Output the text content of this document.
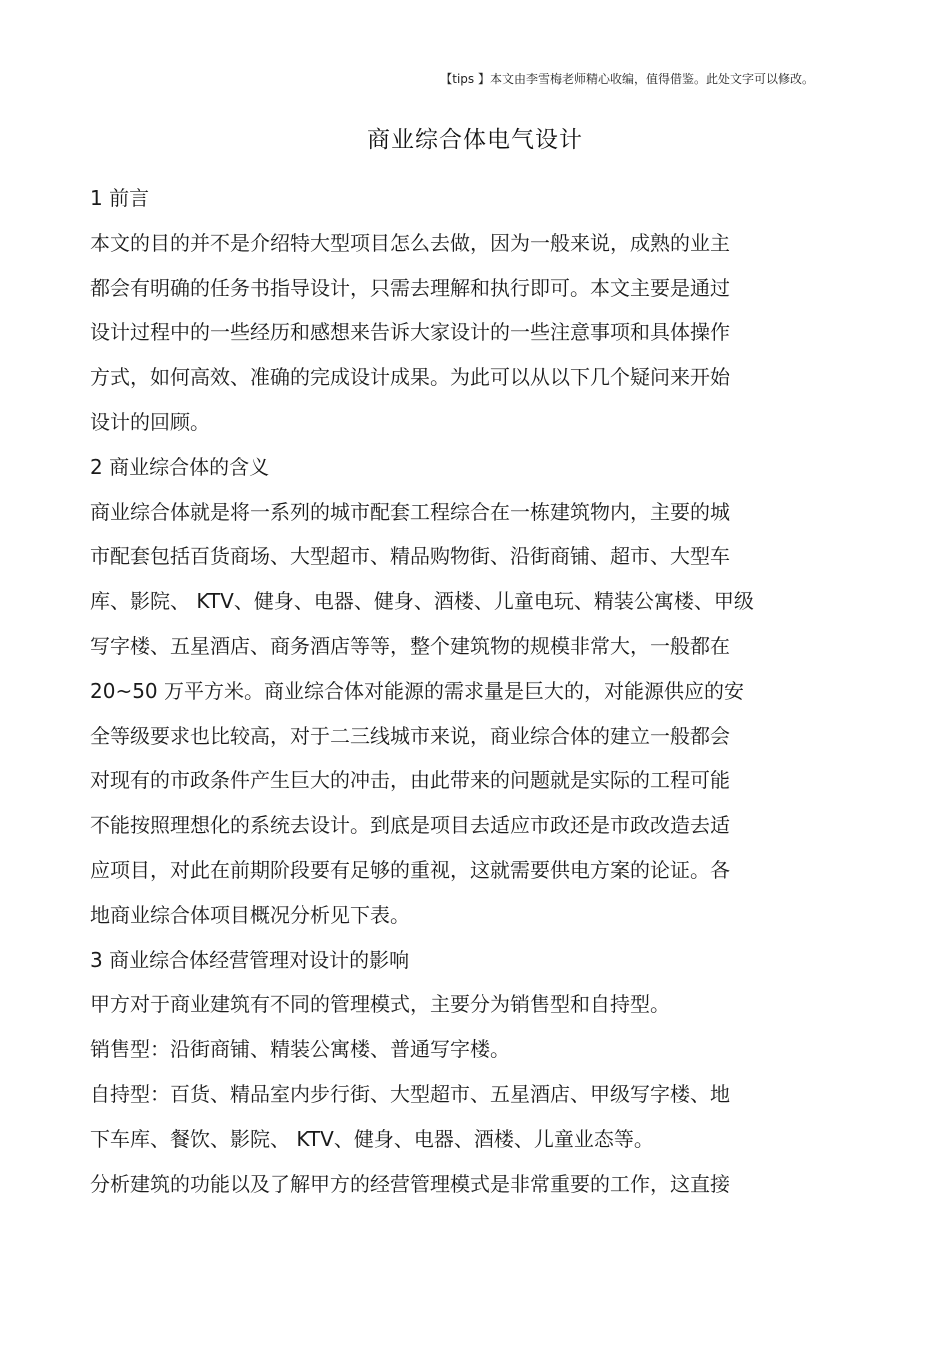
【tips 】本文由李雪梅老师精心收编，值得借鉴。此处文字可以修改。
商业综合体电气设计
1 前言
本文的目的并不是介绍特大型项目怎么去做，因为一般来说，成熟的业主
都会有明确的任务书指导设计，只需去理解和执行即可。本文主要是通过
设计过程中的一些经历和感想来告诉大家设计的一些注意事项和具体操作
方式，如何高效、准确的完成设计成果。为此可以从以下几个疑问来开始
设计的回顾。
2 商业综合体的含义
商业综合体就是将一系列的城市配套工程综合在一栋建筑物内，主要的城
市配套包括百货商场、大型超市、精品购物街、沿街商铺、超市、大型车
库、影院、 KTV、健身、电器、健身、酒楼、儿童电玩、精装公寓楼、甲级
写字楼、五星酒店、商务酒店等等，整个建筑物的规模非常大，一般都在
20~50 万平方米。商业综合体对能源的需求量是巨大的，对能源供应的安
全等级要求也比较高，对于二三线城市来说，商业综合体的建立一般都会
对现有的市政条件产生巨大的冲击，由此带来的问题就是实际的工程可能
不能按照理想化的系统去设计。到底是项目去适应市政还是市政改造去适
应项目，对此在前期阶段要有足够的重视，这就需要供电方案的论证。各
地商业综合体项目概况分析见下表。
3 商业综合体经营管理对设计的影响
甲方对于商业建筑有不同的管理模式，主要分为销售型和自持型。
销售型：沿街商铺、精装公寓楼、普通写字楼。
自持型：百货、精品室内步行街、大型超市、五星酒店、甲级写字楼、地
下车库、餐饮、影院、 KTV、健身、电器、酒楼、儿童业态等。
分析建筑的功能以及了解甲方的经营管理模式是非常重要的工作，这直接
